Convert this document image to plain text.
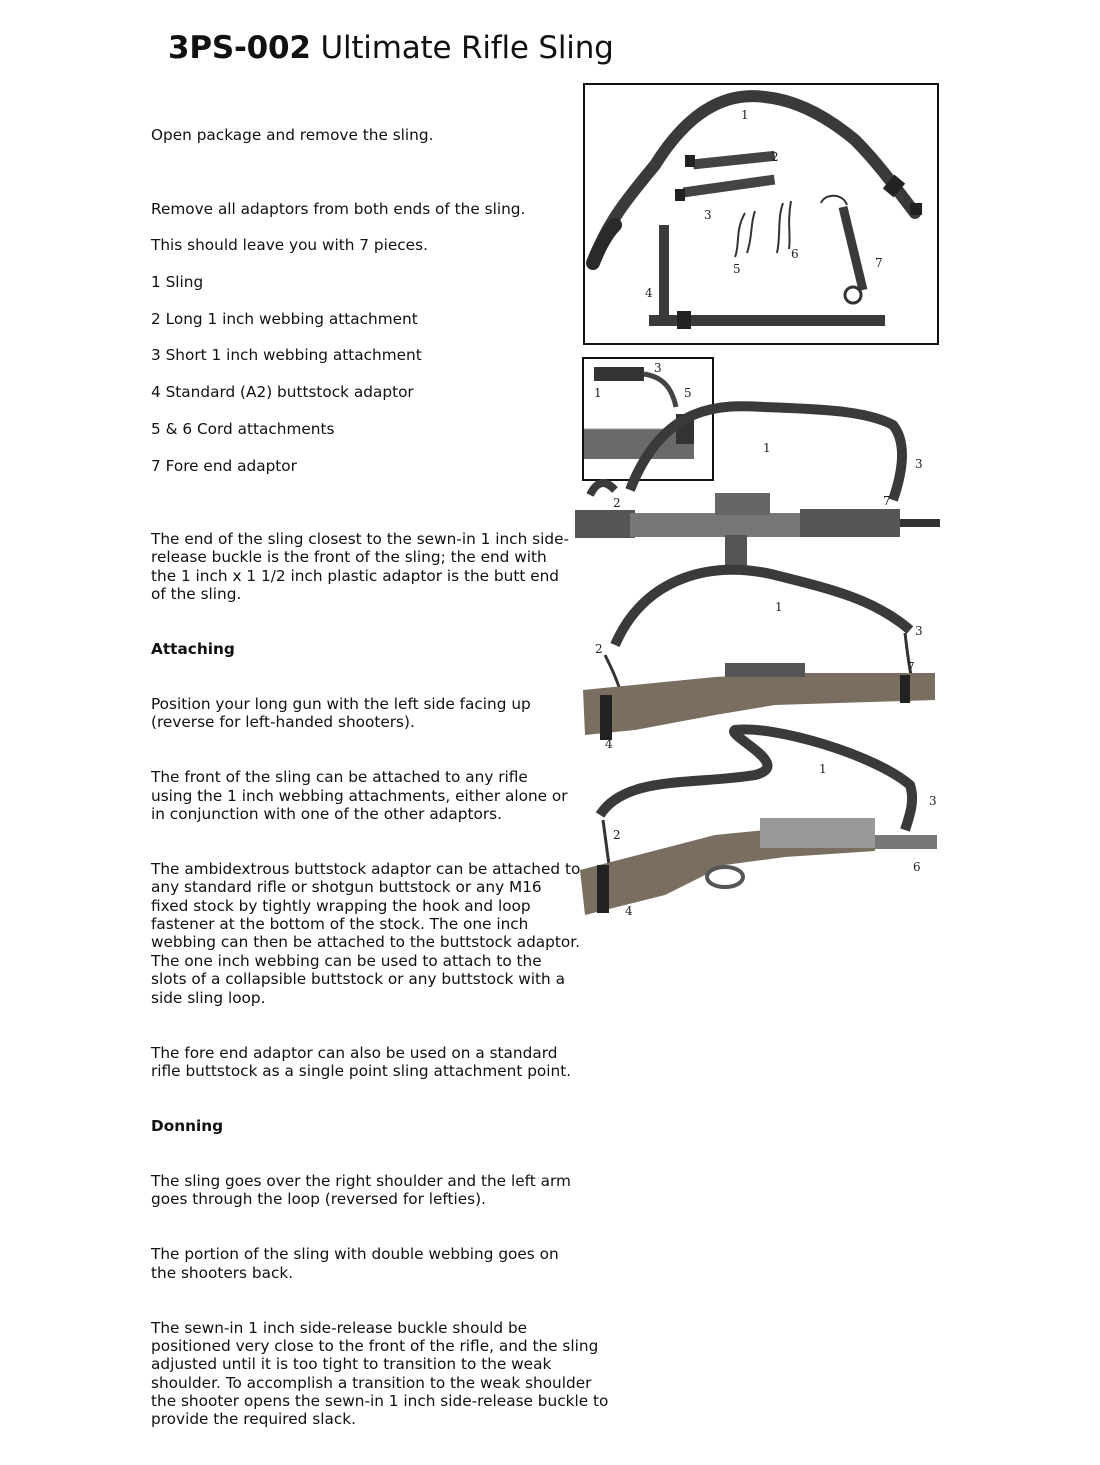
3PS-002 Ultimate Rifle Sling

Open package and remove the sling.

Remove all adaptors from both ends of the sling.

This should leave you with 7 pieces.

1 Sling

2 Long 1 inch webbing attachment

3 Short 1 inch webbing attachment

4 Standard (A2) buttstock adaptor

5 & 6 Cord attachments

7 Fore end adaptor

The end of the sling closest to the sewn-in 1 inch side-release buckle is the front of the sling; the end with the 1 inch x 1 1/2 inch plastic adaptor is the butt end of the sling.

Attaching

Position your long gun with the left side facing up (reverse for left-handed shooters).

The front of the sling can be attached to any rifle using the 1 inch webbing attachments, either alone or in conjunction with one of the other adaptors.

The ambidextrous buttstock adaptor can be attached to any standard rifle or shotgun buttstock or any M16 fixed stock by tightly wrapping the hook and loop fastener at the bottom of the stock. The one inch webbing can then be attached to the buttstock adaptor. The one inch webbing can be used to attach to the slots of a collapsible buttstock or any buttstock with a side sling loop.

The fore end adaptor can also be used on a standard rifle buttstock as a single point sling attachment point.

Donning

The sling goes over the right shoulder and the left arm goes through the loop (reversed for lefties).

The portion of the sling with double webbing goes on the shooters back.

The sewn-in 1 inch side-release buckle should be positioned very close to the front of the rifle, and the sling adjusted until it is too tight to transition to the weak shoulder. To accomplish a transition to the weak shoulder the shooter opens the sewn-in 1 inch side-release buckle to provide the required slack.

1
2
3
4
5
6
7
1
3
5
1
2
3
7
1
2
3
4
7
1
2
3
4
6
